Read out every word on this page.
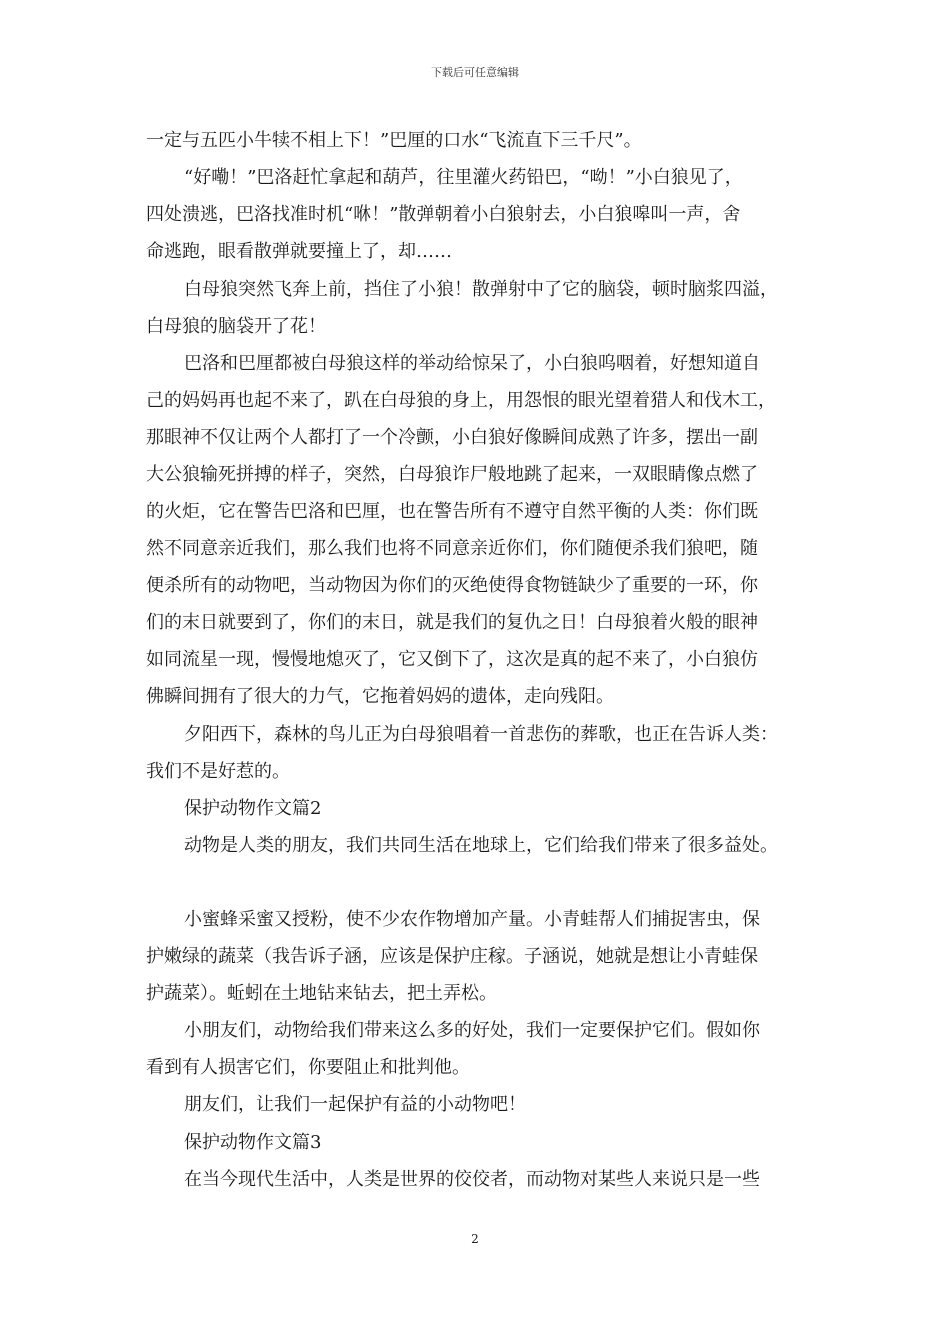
下载后可任意编辑
一定与五匹小牛犊不相上下！”巴厘的口水“飞流直下三千尺”。
“好嘞！”巴洛赶忙拿起和葫芦，往里灌火药铅巴，“呦！”小白狼见了，
四处溃逃，巴洛找准时机“咻！”散弹朝着小白狼射去，小白狼嗥叫一声，舍
命逃跑，眼看散弹就要撞上了，却……
白母狼突然飞奔上前，挡住了小狼！散弹射中了它的脑袋，顿时脑浆四溢，
白母狼的脑袋开了花！
巴洛和巴厘都被白母狼这样的举动给惊呆了，小白狼呜咽着，好想知道自
己的妈妈再也起不来了，趴在白母狼的身上，用怨恨的眼光望着猎人和伐木工，
那眼神不仅让两个人都打了一个冷颤，小白狼好像瞬间成熟了许多，摆出一副
大公狼输死拼搏的样子，突然，白母狼诈尸般地跳了起来，一双眼睛像点燃了
的火炬，它在警告巴洛和巴厘，也在警告所有不遵守自然平衡的人类：你们既
然不同意亲近我们，那么我们也将不同意亲近你们，你们随便杀我们狼吧，随
便杀所有的动物吧，当动物因为你们的灭绝使得食物链缺少了重要的一环，你
们的末日就要到了，你们的末日，就是我们的复仇之日！白母狼着火般的眼神
如同流星一现，慢慢地熄灭了，它又倒下了，这次是真的起不来了，小白狼仿
佛瞬间拥有了很大的力气，它拖着妈妈的遗体，走向残阳。
夕阳西下，森林的鸟儿正为白母狼唱着一首悲伤的葬歌，也正在告诉人类：
我们不是好惹的。
保护动物作文篇2
动物是人类的朋友，我们共同生活在地球上，它们给我们带来了很多益处。
小蜜蜂采蜜又授粉，使不少农作物增加产量。小青蛙帮人们捕捉害虫，保
护嫩绿的蔬菜（我告诉子涵，应该是保护庄稼。子涵说，她就是想让小青蛙保
护蔬菜）。蚯蚓在土地钻来钻去，把土弄松。
小朋友们，动物给我们带来这么多的好处，我们一定要保护它们。假如你
看到有人损害它们，你要阻止和批判他。
朋友们，让我们一起保护有益的小动物吧！
保护动物作文篇3
在当今现代生活中，人类是世界的佼佼者，而动物对某些人来说只是一些
2
